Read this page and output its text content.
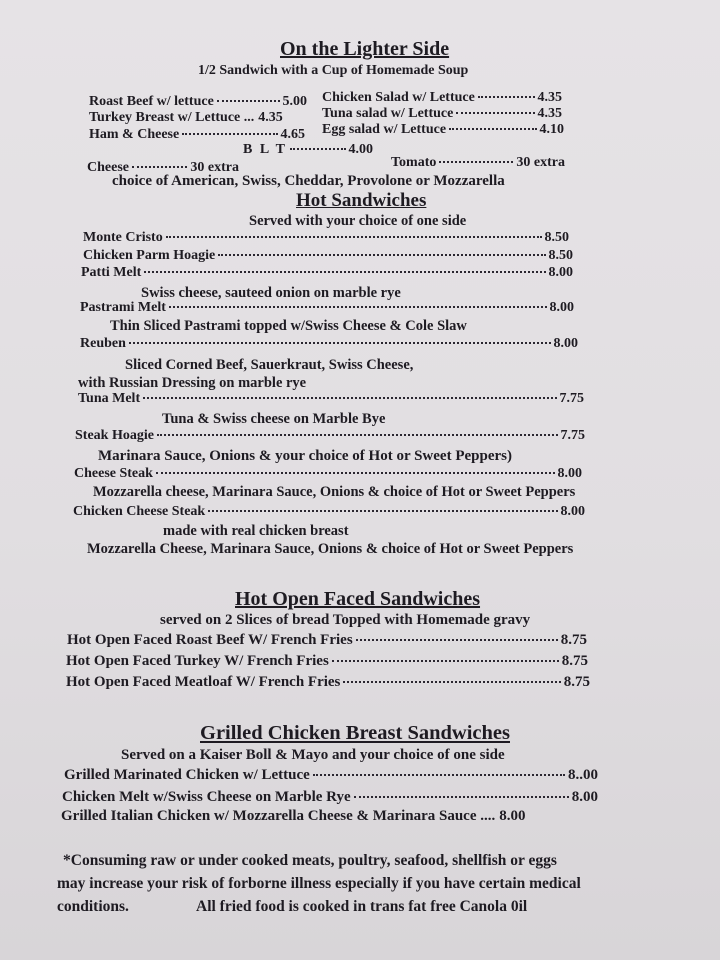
On the Lighter Side
1/2 Sandwich with a Cup of Homemade Soup
Roast Beef w/ lettuce	5.00
Turkey Breast w/ Lettuce ... 4.35
Ham & Cheese	4.65
Chicken Salad w/ Lettuce	4.35
Tuna salad w/ Lettuce	4.35
Egg salad w/ Lettuce	4.10
B L T	4.00
Cheese	30 extra	Tomato	30 extra
choice of American, Swiss, Cheddar, Provolone or Mozzarella
Hot Sandwiches
Served with your choice of one side
Monte Cristo	8.50
Chicken Parm Hoagie	8.50
Patti Melt	8.00
Swiss cheese, sauteed onion on marble rye
Pastrami Melt	8.00
Thin Sliced Pastrami topped w/Swiss Cheese & Cole Slaw
Reuben	8.00
Sliced Corned Beef, Sauerkraut, Swiss Cheese,
with Russian Dressing on marble rye
Tuna Melt	7.75
Tuna & Swiss cheese on Marble Bye
Steak Hoagie	7.75
Marinara Sauce, Onions & your choice of Hot or Sweet Peppers)
Cheese Steak	8.00
Mozzarella cheese, Marinara Sauce, Onions & choice of Hot or Sweet Peppers
Chicken Cheese Steak	8.00
made with real chicken breast
Mozzarella Cheese, Marinara Sauce, Onions & choice of Hot or Sweet Peppers
Hot Open Faced Sandwiches
served on 2 Slices of bread Topped with Homemade gravy
Hot Open Faced Roast Beef W/ French Fries	8.75
Hot Open Faced Turkey W/ French Fries	8.75
Hot Open Faced Meatloaf W/ French Fries	8.75
Grilled Chicken Breast Sandwiches
Served on a Kaiser Boll & Mayo and your choice of one side
Grilled Marinated Chicken w/ Lettuce	8..00
Chicken Melt w/Swiss Cheese on Marble Rye	8.00
Grilled Italian Chicken w/ Mozzarella Cheese & Marinara Sauce .... 8.00
*Consuming raw or under cooked meats, poultry, seafood, shellfish or eggs
may increase your risk of forborne illness especially if you have certain medical
conditions.	All fried food is cooked in trans fat free Canola 0il
